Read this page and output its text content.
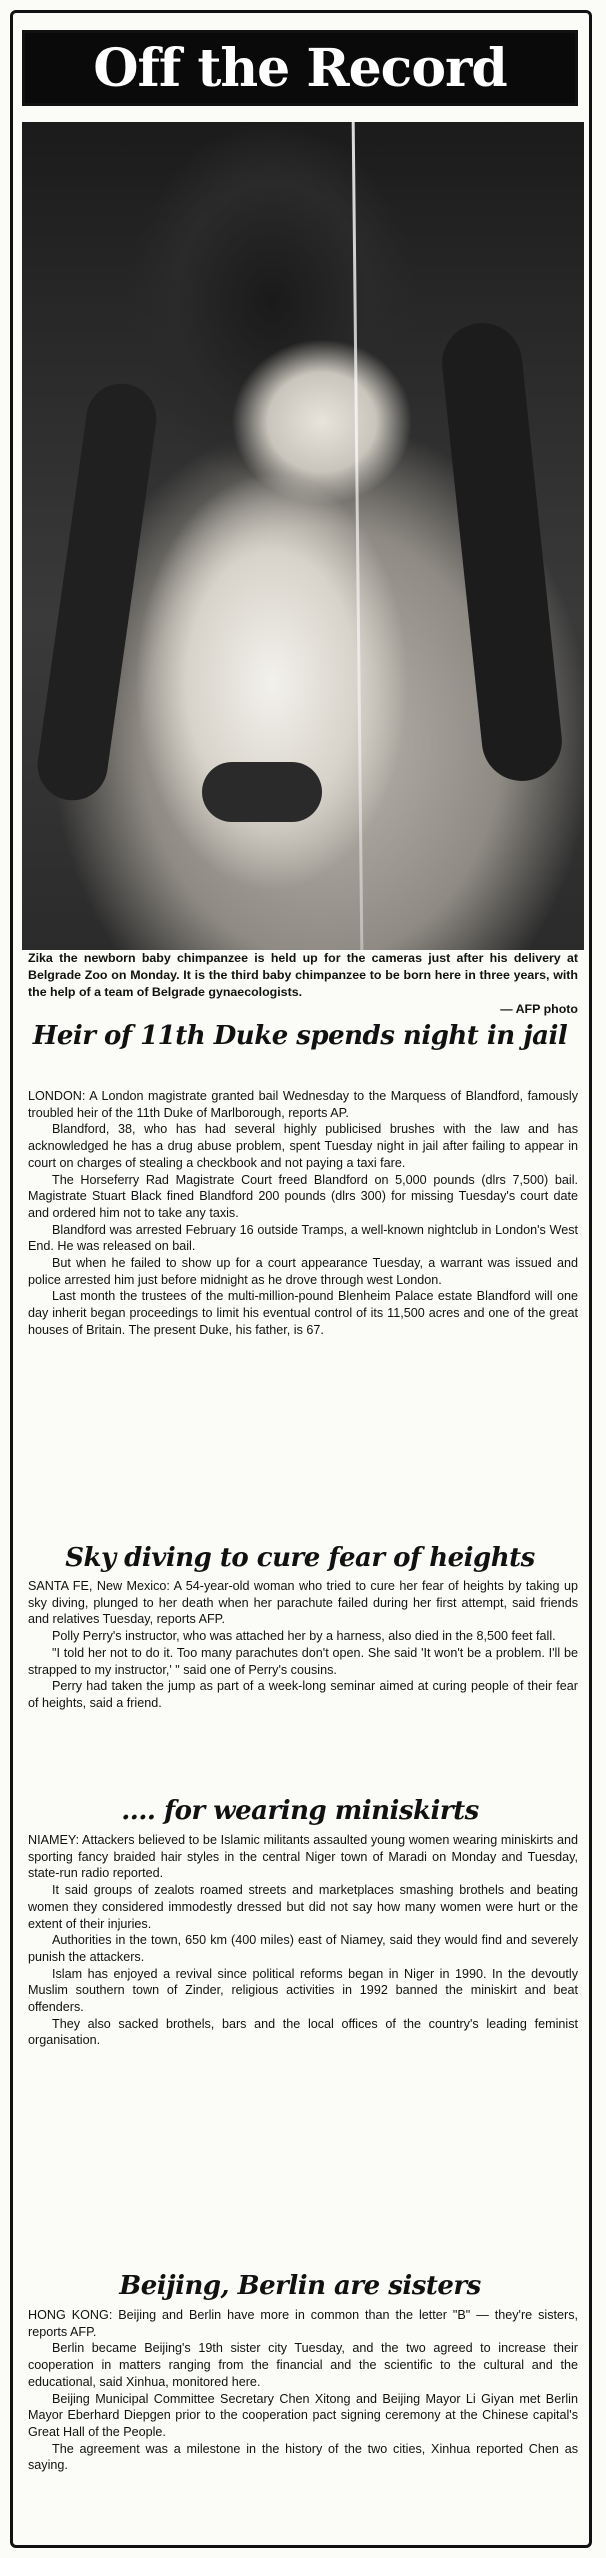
Off the Record
Zika the newborn baby chimpanzee is held up for the cameras just after his delivery at Belgrade Zoo on Monday. It is the third baby chimpanzee to be born here in three years, with the help of a team of Belgrade gynaecologists.
— AFP photo
Heir of 11th Duke spends night in jail

LONDON: A London magistrate granted bail Wednesday to the Marquess of Blandford, famously troubled heir of the 11th Duke of Marlborough, reports AP.

Blandford, 38, who has had several highly publicised brushes with the law and has acknowledged he has a drug abuse problem, spent Tuesday night in jail after failing to appear in court on charges of stealing a checkbook and not paying a taxi fare.

The Horseferry Rad Magistrate Court freed Blandford on 5,000 pounds (dlrs 7,500) bail. Magistrate Stuart Black fined Blandford 200 pounds (dlrs 300) for missing Tuesday's court date and ordered him not to take any taxis.

Blandford was arrested February 16 outside Tramps, a well-known nightclub in London's West End. He was released on bail.

But when he failed to show up for a court appearance Tuesday, a warrant was issued and police arrested him just before midnight as he drove through west London.

Last month the trustees of the multi-million-pound Blenheim Palace estate Blandford will one day inherit began proceedings to limit his eventual control of its 11,500 acres and one of the great houses of Britain. The present Duke, his father, is 67.

Sky diving to cure fear of heights

SANTA FE, New Mexico: A 54-year-old woman who tried to cure her fear of heights by taking up sky diving, plunged to her death when her parachute failed during her first attempt, said friends and relatives Tuesday, reports AFP.

Polly Perry's instructor, who was attached her by a harness, also died in the 8,500 feet fall.

"I told her not to do it. Too many parachutes don't open. She said 'It won't be a problem. I'll be strapped to my instructor,' " said one of Perry's cousins.

Perry had taken the jump as part of a week-long seminar aimed at curing people of their fear of heights, said a friend.

.... for wearing miniskirts

NIAMEY: Attackers believed to be Islamic militants assaulted young women wearing miniskirts and sporting fancy braided hair styles in the central Niger town of Maradi on Monday and Tuesday, state-run radio reported.

It said groups of zealots roamed streets and marketplaces smashing brothels and beating women they considered immodestly dressed but did not say how many women were hurt or the extent of their injuries.

Authorities in the town, 650 km (400 miles) east of Niamey, said they would find and severely punish the attackers.

Islam has enjoyed a revival since political reforms began in Niger in 1990. In the devoutly Muslim southern town of Zinder, religious activities in 1992 banned the miniskirt and beat offenders.

They also sacked brothels, bars and the local offices of the country's leading feminist organisation.

Beijing, Berlin are sisters

HONG KONG: Beijing and Berlin have more in common than the letter "B" — they're sisters, reports AFP.

Berlin became Beijing's 19th sister city Tuesday, and the two agreed to increase their cooperation in matters ranging from the financial and the scientific to the cultural and the educational, said Xinhua, monitored here.

Beijing Municipal Committee Secretary Chen Xitong and Beijing Mayor Li Giyan met Berlin Mayor Eberhard Diepgen prior to the cooperation pact signing ceremony at the Chinese capital's Great Hall of the People.

The agreement was a milestone in the history of the two cities, Xinhua reported Chen as saying.
